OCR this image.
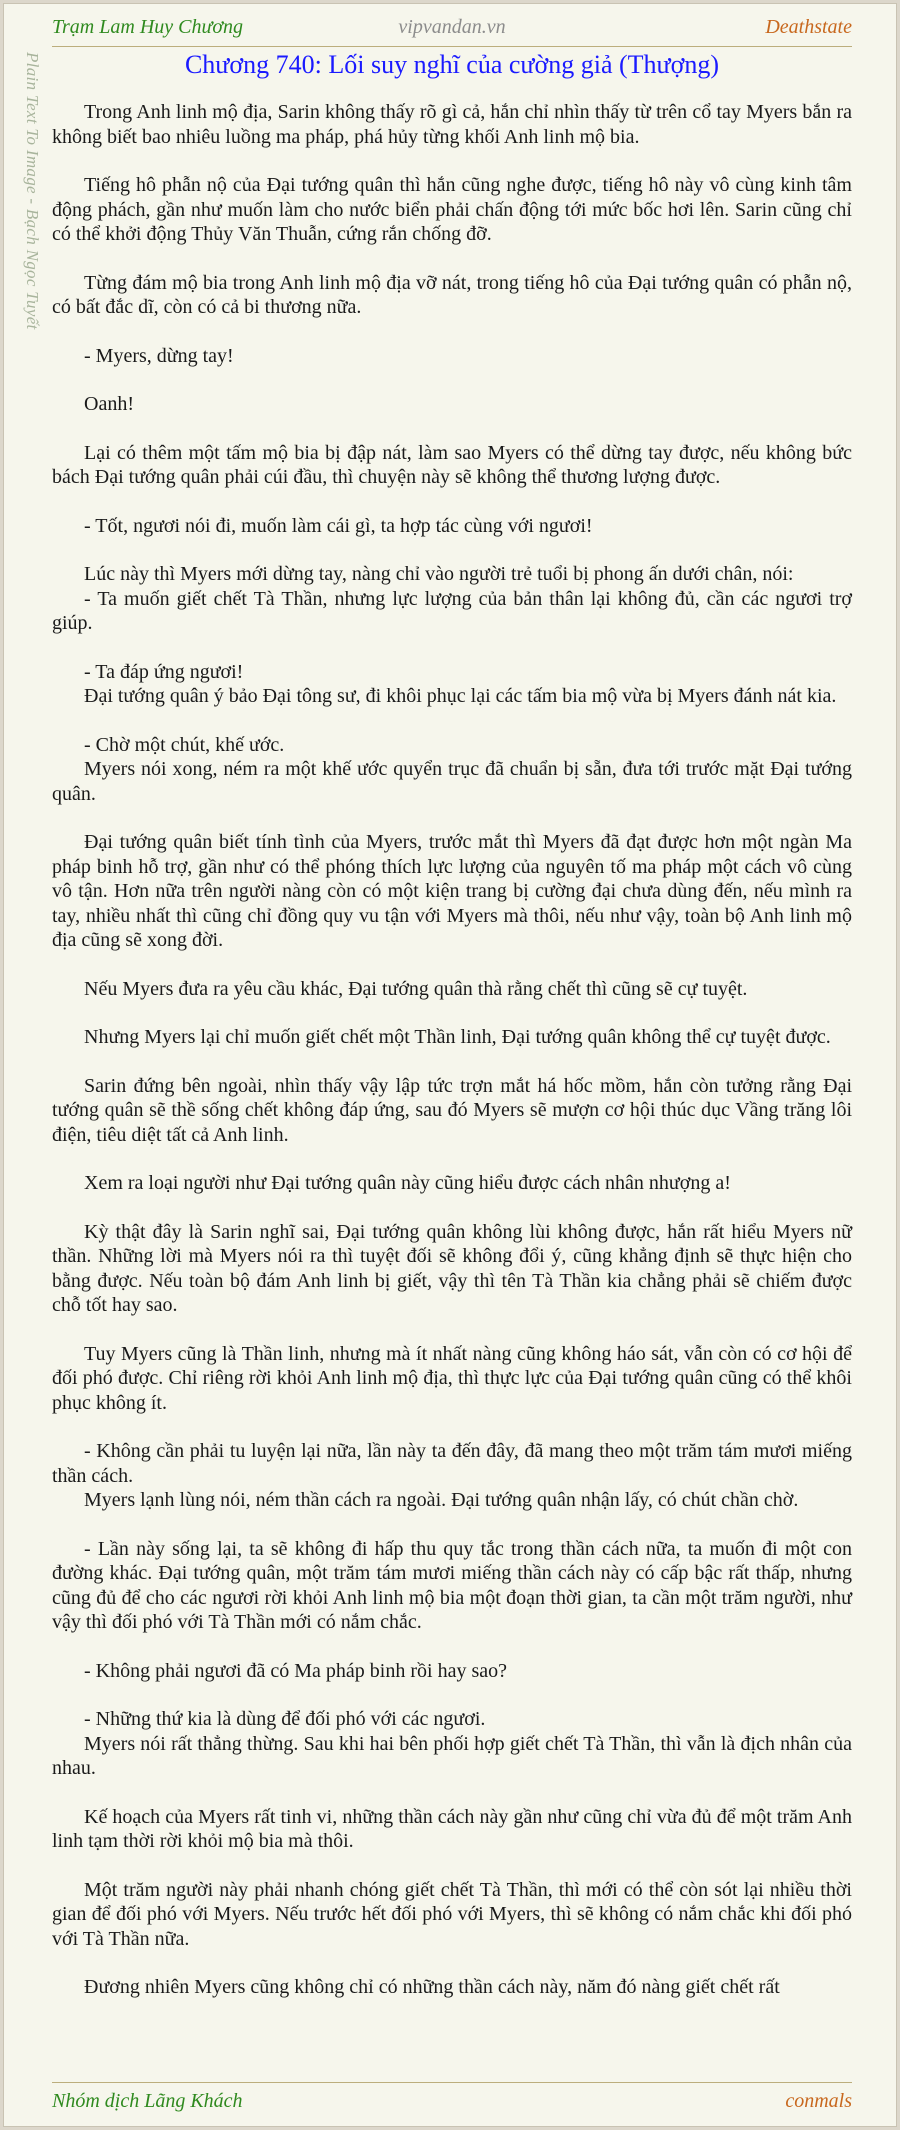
Trạm Lam Huy Chương	vipvandan.vn	Deathstate
Plain Text To Image - Bạch Ngọc Tuyết	Chương 740: Lối suy nghĩ của cường giả (Thượng)

Trong Anh linh mộ địa, Sarin không thấy rõ gì cả, hắn chỉ nhìn thấy từ trên cổ tay Myers bắn ra không biết bao nhiêu luồng ma pháp, phá hủy từng khối Anh linh mộ bia.

Tiếng hô phẫn nộ của Đại tướng quân thì hắn cũng nghe được, tiếng hô này vô cùng kinh tâm động phách, gần như muốn làm cho nước biển phải chấn động tới mức bốc hơi lên. Sarin cũng chỉ có thể khởi động Thủy Văn Thuẫn, cứng rắn chống đỡ.

Từng đám mộ bia trong Anh linh mộ địa vỡ nát, trong tiếng hô của Đại tướng quân có phẫn nộ, có bất đắc dĩ, còn có cả bi thương nữa.

- Myers, dừng tay!

Oanh!

Lại có thêm một tấm mộ bia bị đập nát, làm sao Myers có thể dừng tay được, nếu không bức bách Đại tướng quân phải cúi đầu, thì chuyện này sẽ không thể thương lượng được.

- Tốt, ngươi nói đi, muốn làm cái gì, ta hợp tác cùng với ngươi!

Lúc này thì Myers mới dừng tay, nàng chỉ vào người trẻ tuổi bị phong ấn dưới chân, nói:

- Ta muốn giết chết Tà Thần, nhưng lực lượng của bản thân lại không đủ, cần các ngươi trợ giúp.

- Ta đáp ứng ngươi!

Đại tướng quân ý bảo Đại tông sư, đi khôi phục lại các tấm bia mộ vừa bị Myers đánh nát kia.

- Chờ một chút, khế ước.

Myers nói xong, ném ra một khế ước quyển trục đã chuẩn bị sẵn, đưa tới trước mặt Đại tướng quân.

Đại tướng quân biết tính tình của Myers, trước mắt thì Myers đã đạt được hơn một ngàn Ma pháp binh hỗ trợ, gần như có thể phóng thích lực lượng của nguyên tố ma pháp một cách vô cùng vô tận. Hơn nữa trên người nàng còn có một kiện trang bị cường đại chưa dùng đến, nếu mình ra tay, nhiều nhất thì cũng chỉ đồng quy vu tận với Myers mà thôi, nếu như vậy, toàn bộ Anh linh mộ địa cũng sẽ xong đời.

Nếu Myers đưa ra yêu cầu khác, Đại tướng quân thà rằng chết thì cũng sẽ cự tuyệt.

Nhưng Myers lại chỉ muốn giết chết một Thần linh, Đại tướng quân không thể cự tuyệt được.

Sarin đứng bên ngoài, nhìn thấy vậy lập tức trợn mắt há hốc mồm, hắn còn tưởng rằng Đại tướng quân sẽ thề sống chết không đáp ứng, sau đó Myers sẽ mượn cơ hội thúc dục Vầng trăng lôi điện, tiêu diệt tất cả Anh linh.

Xem ra loại người như Đại tướng quân này cũng hiểu được cách nhân nhượng a!

Kỳ thật đây là Sarin nghĩ sai, Đại tướng quân không lùi không được, hắn rất hiểu Myers nữ thần. Những lời mà Myers nói ra thì tuyệt đối sẽ không đổi ý, cũng khẳng định sẽ thực hiện cho bằng được. Nếu toàn bộ đám Anh linh bị giết, vậy thì tên Tà Thần kia chẳng phải sẽ chiếm được chỗ tốt hay sao.

Tuy Myers cũng là Thần linh, nhưng mà ít nhất nàng cũng không háo sát, vẫn còn có cơ hội để đối phó được. Chỉ riêng rời khỏi Anh linh mộ địa, thì thực lực của Đại tướng quân cũng có thể khôi phục không ít.

- Không cần phải tu luyện lại nữa, lần này ta đến đây, đã mang theo một trăm tám mươi miếng thần cách.

Myers lạnh lùng nói, ném thần cách ra ngoài. Đại tướng quân nhận lấy, có chút chần chờ.

- Lần này sống lại, ta sẽ không đi hấp thu quy tắc trong thần cách nữa, ta muốn đi một con đường khác. Đại tướng quân, một trăm tám mươi miếng thần cách này có cấp bậc rất thấp, nhưng cũng đủ để cho các ngươi rời khỏi Anh linh mộ bia một đoạn thời gian, ta cần một trăm người, như vậy thì đối phó với Tà Thần mới có nắm chắc.

- Không phải ngươi đã có Ma pháp binh rồi hay sao?

- Những thứ kia là dùng để đối phó với các ngươi.

Myers nói rất thẳng thừng. Sau khi hai bên phối hợp giết chết Tà Thần, thì vẫn là địch nhân của nhau.

Kế hoạch của Myers rất tinh vi, những thần cách này gần như cũng chỉ vừa đủ để một trăm Anh linh tạm thời rời khỏi mộ bia mà thôi.

Một trăm người này phải nhanh chóng giết chết Tà Thần, thì mới có thể còn sót lại nhiều thời gian để đối phó với Myers. Nếu trước hết đối phó với Myers, thì sẽ không có nắm chắc khi đối phó với Tà Thần nữa.

Đương nhiên Myers cũng không chỉ có những thần cách này, năm đó nàng giết chết rất

Nhóm dịch Lãng Khách	conmals
